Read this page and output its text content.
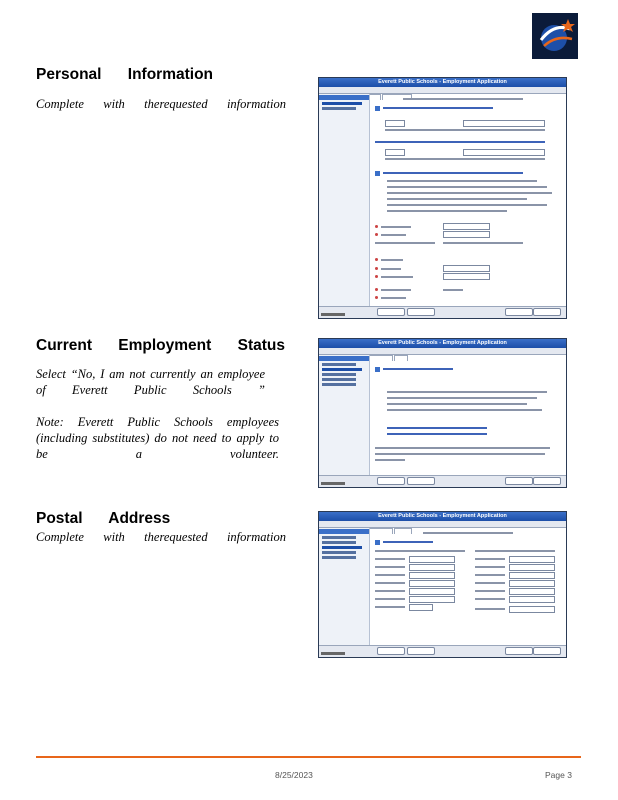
Personal Information
Complete with therequested information
Everett Public Schools - Employment Application
Current Employment Status
Select “No, I am not currently an employee of Everett Public Schools ”
Note: Everett Public Schools employees (including substitutes) do not need to apply to be a volunteer.
Everett Public Schools - Employment Application
Postal Address
Complete with therequested information
Everett Public Schools - Employment Application
8/25/2023	Page 3
